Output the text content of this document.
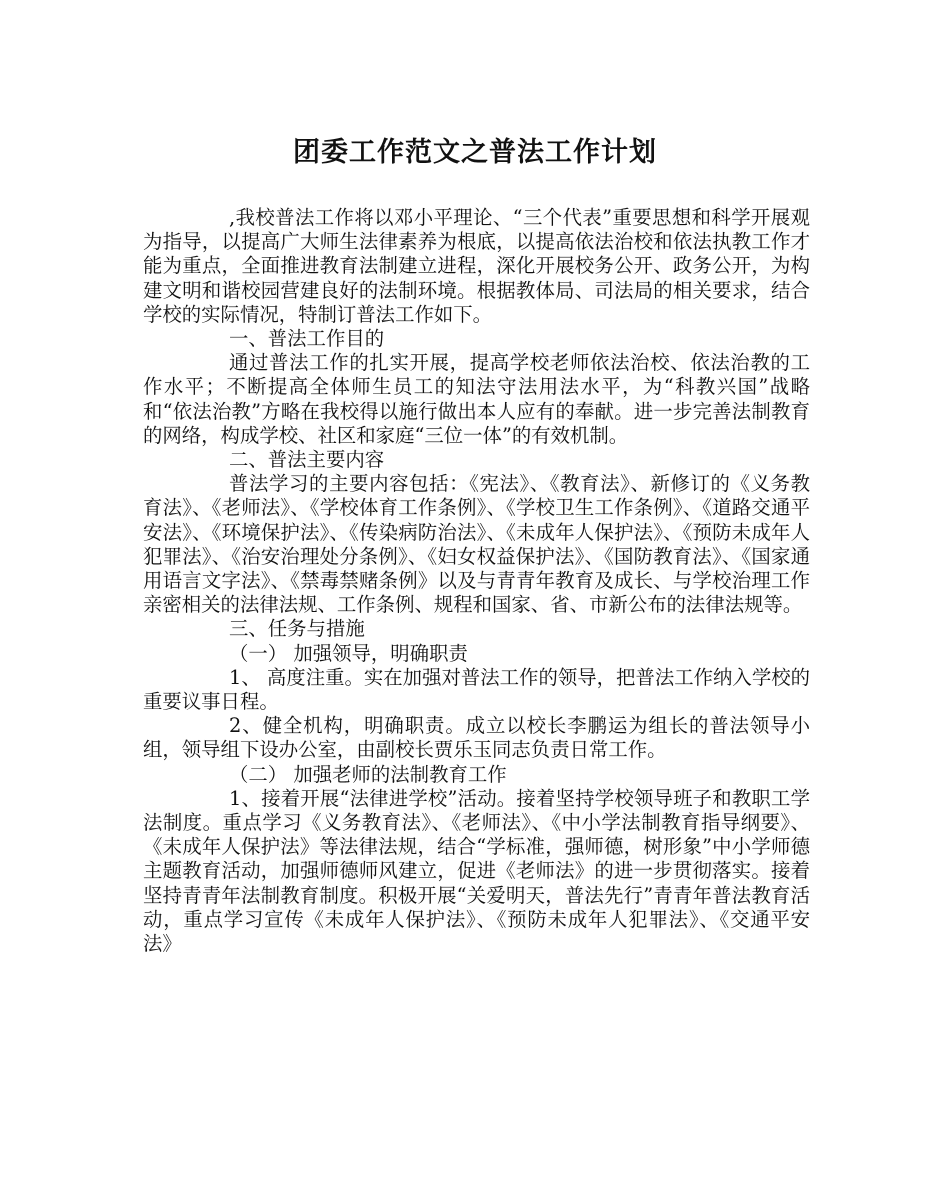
团委工作范文之普法工作计划

,我校普法工作将以邓小平理论、“三个代表”重要思想和科学开展观为指导，以提高广大师生法律素养为根底，以提高依法治校和依法执教工作才能为重点，全面推进教育法制建立进程，深化开展校务公开、政务公开，为构建文明和谐校园营建良好的法制环境。根据教体局、司法局的相关要求，结合学校的实际情况，特制订普法工作如下。

一、普法工作目的

通过普法工作的扎实开展，提高学校老师依法治校、依法治教的工作水平；不断提高全体师生员工的知法守法用法水平，为“科教兴国”战略和“依法治教”方略在我校得以施行做出本人应有的奉献。进一步完善法制教育的网络，构成学校、社区和家庭“三位一体”的有效机制。

二、普法主要内容

普法学习的主要内容包括：《宪法》、《教育法》、新修订的《义务教育法》、《老师法》、《学校体育工作条例》、《学校卫生工作条例》、《道路交通平安法》、《环境保护法》、《传染病防治法》、《未成年人保护法》、《预防未成年人犯罪法》、《治安治理处分条例》、《妇女权益保护法》、《国防教育法》、《国家通用语言文字法》、《禁毒禁赌条例》以及与青青年教育及成长、与学校治理工作亲密相关的法律法规、工作条例、规程和国家、省、市新公布的法律法规等。

三、任务与措施

（一） 加强领导，明确职责

1、 高度注重。实在加强对普法工作的领导，把普法工作纳入学校的重要议事日程。

2、健全机构，明确职责。成立以校长李鹏运为组长的普法领导小组，领导组下设办公室，由副校长贾乐玉同志负责日常工作。

（二） 加强老师的法制教育工作

1、接着开展“法律进学校”活动。接着坚持学校领导班子和教职工学法制度。重点学习《义务教育法》、《老师法》、《中小学法制教育指导纲要》、《未成年人保护法》等法律法规，结合“学标准，强师德，树形象”中小学师德主题教育活动，加强师德师风建立，促进《老师法》的进一步贯彻落实。接着坚持青青年法制教育制度。积极开展“关爱明天，普法先行”青青年普法教育活动，重点学习宣传《未成年人保护法》、《预防未成年人犯罪法》、《交通平安法》
